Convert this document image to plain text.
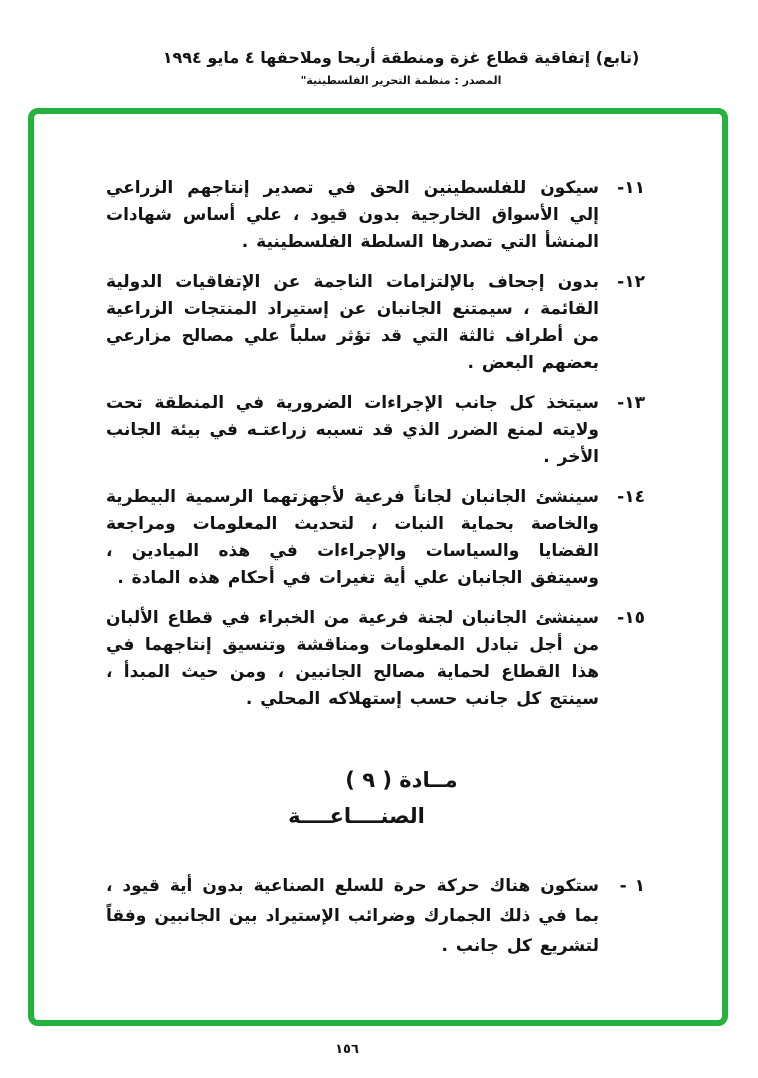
(تابع) إتفاقية قطاع غزة ومنطقة أريحا وملاحقها ٤ مايو ١٩٩٤
المصدر : منظمة التحرير الفلسطينية"
١١-
سيكون للفلسطينين الحق في تصدير إنتاجهم الزراعي إلي الأسواق الخارجية بدون قيود ، علي أساس شهادات المنشأ التي تصدرها السلطة الفلسطينية .
١٢-
بدون إجحاف بالإلتزامات الناجمة عن الإتفاقيات الدولية القائمة ، سيمتنع الجانبان عن إستيراد المنتجات الزراعية من أطراف ثالثة التي قد تؤثر سلباً علي مصالح مزارعي بعضهم البعض .
١٣-
سيتخذ كل جانب الإجراءات الضرورية في المنطقة تحت ولايته لمنع الضرر الذي قد تسببه زراعتـه في بيئة الجانب الأخر .
١٤-
سينشئ الجانبان لجاناً فرعية لأجهزتهما الرسمية البيطرية والخاصة بحماية النبات ، لتحديث المعلومات ومراجعة القضايا والسياسات والإجراءات في هذه الميادين ، وسيتفق الجانبان علي أية تغيرات في أحكام هذه المادة .
١٥-
سينشئ الجانبان لجنة فرعية من الخبراء في قطاع الألبان من أجل تبادل المعلومات ومناقشة وتنسيق إنتاجهما في هذا القطاع لحماية مصالح الجانبين ، ومن حيث المبدأ ، سينتج كل جانب حسب إستهلاكه المحلي .
مــادة ( ٩ )
الصنــــاعــــة
١ -
ستكون هناك حركة حرة للسلع الصناعية بدون أية قيود ، بما في ذلك الجمارك وضرائب الإستيراد بين الجانبين وفقاً لتشريع كل جانب .
١٥٦
